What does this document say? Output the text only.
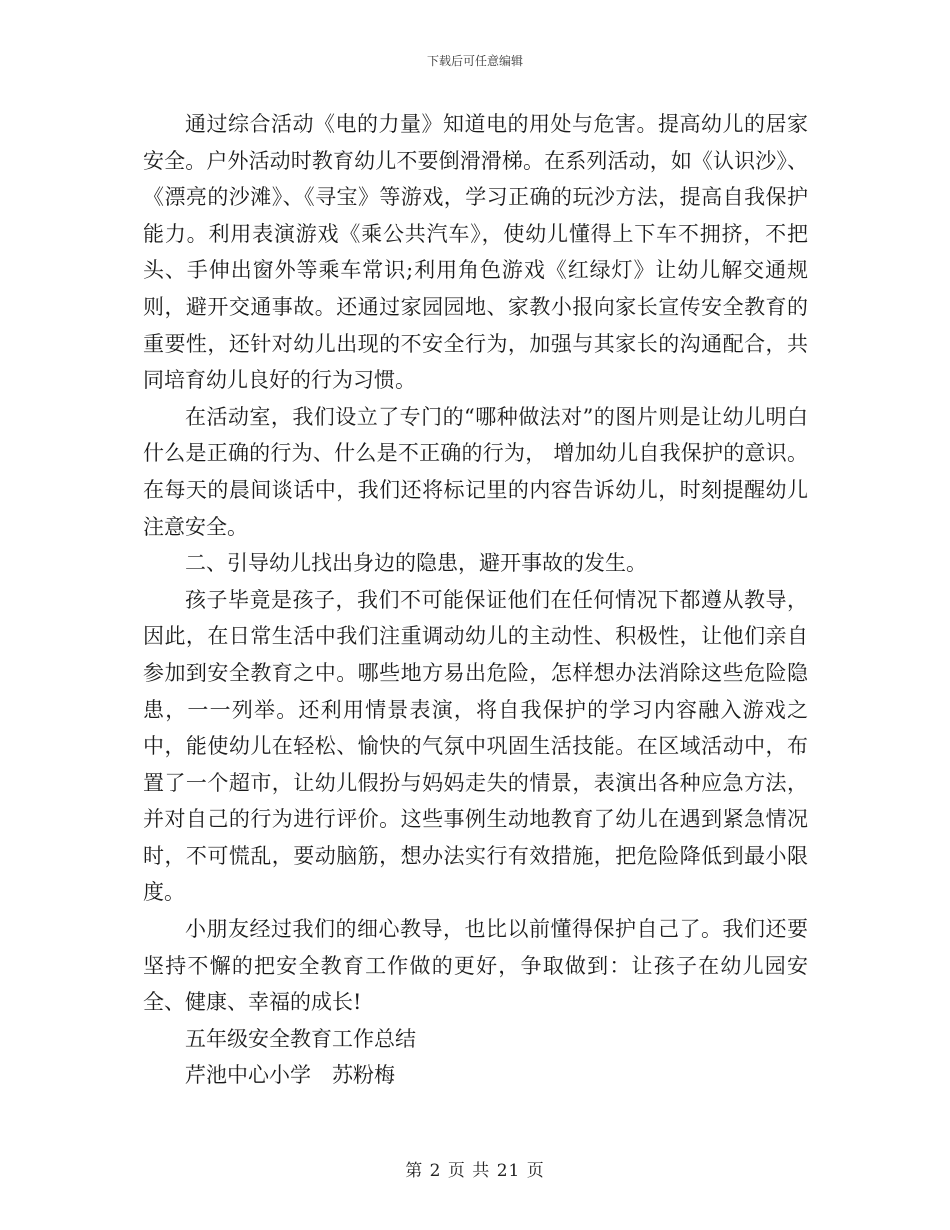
下载后可任意编辑

通过综合活动《电的力量》知道电的用处与危害。提高幼儿的居家安全。户外活动时教育幼儿不要倒滑滑梯。在系列活动，如《认识沙》、《漂亮的沙滩》、《寻宝》等游戏，学习正确的玩沙方法，提高自我保护能力。利用表演游戏《乘公共汽车》，使幼儿懂得上下车不拥挤，不把头、手伸出窗外等乘车常识;利用角色游戏《红绿灯》让幼儿解交通规则，避开交通事故。还通过家园园地、家教小报向家长宣传安全教育的重要性，还针对幼儿出现的不安全行为，加强与其家长的沟通配合，共同培育幼儿良好的行为习惯。

在活动室，我们设立了专门的“哪种做法对”的图片则是让幼儿明白什么是正确的行为、什么是不正确的行为， 增加幼儿自我保护的意识。在每天的晨间谈话中，我们还将标记里的内容告诉幼儿，时刻提醒幼儿注意安全。

二、引导幼儿找出身边的隐患，避开事故的发生。

孩子毕竟是孩子，我们不可能保证他们在任何情况下都遵从教导，因此，在日常生活中我们注重调动幼儿的主动性、积极性，让他们亲自参加到安全教育之中。哪些地方易出危险，怎样想办法消除这些危险隐患，一一列举。还利用情景表演，将自我保护的学习内容融入游戏之中，能使幼儿在轻松、愉快的气氛中巩固生活技能。在区域活动中，布置了一个超市，让幼儿假扮与妈妈走失的情景，表演出各种应急方法， 并对自己的行为进行评价。这些事例生动地教育了幼儿在遇到紧急情况时，不可慌乱，要动脑筋，想办法实行有效措施，把危险降低到最小限度。

小朋友经过我们的细心教导，也比以前懂得保护自己了。我们还要坚持不懈的把安全教育工作做的更好，争取做到：让孩子在幼儿园安全、健康、幸福的成长!

五年级安全教育工作总结

芹池中心小学　苏粉梅

第 2 页 共 21 页
